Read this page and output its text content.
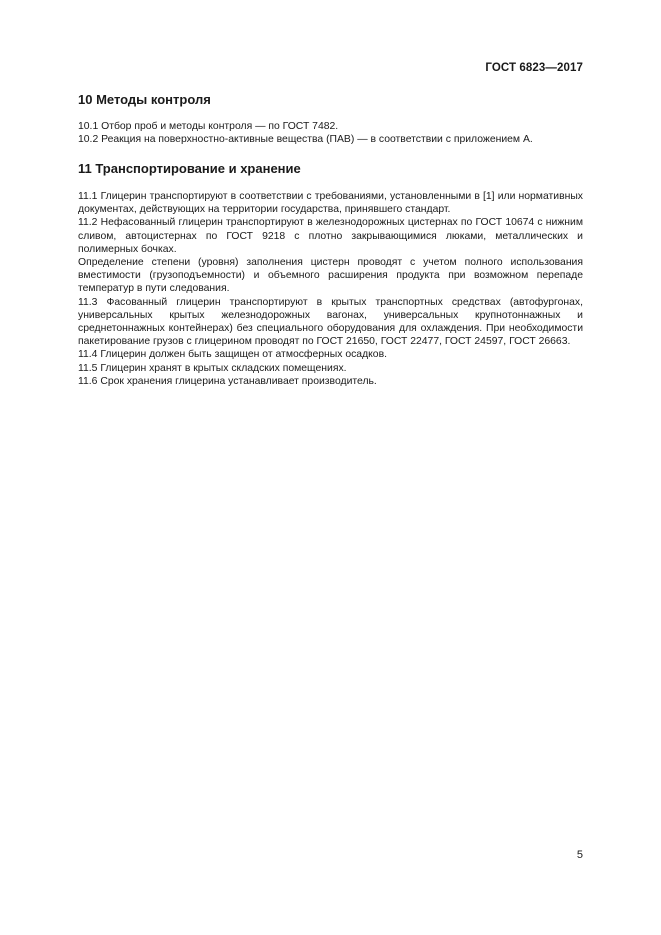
ГОСТ 6823—2017
10 Методы контроля

10.1 Отбор проб и методы контроля — по ГОСТ 7482.

10.2 Реакция на поверхностно-активные вещества (ПАВ) — в соответствии с приложением А.

11 Транспортирование и хранение

11.1 Глицерин транспортируют в соответствии с требованиями, установленными в [1] или нормативных документах, действующих на территории государства, принявшего стандарт.

11.2 Нефасованный глицерин транспортируют в железнодорожных цистернах по ГОСТ 10674 с нижним сливом, автоцистернах по ГОСТ 9218 с плотно закрывающимися люками, металлических и полимерных бочках.

Определение степени (уровня) заполнения цистерн проводят с учетом полного использования вместимости (грузоподъемности) и объемного расширения продукта при возможном перепаде температур в пути следования.

11.3 Фасованный глицерин транспортируют в крытых транспортных средствах (автофургонах, универсальных крытых железнодорожных вагонах, универсальных крупнотоннажных и среднетоннажных контейнерах) без специального оборудования для охлаждения. При необходимости пакетирование грузов с глицерином проводят по ГОСТ 21650, ГОСТ 22477, ГОСТ 24597, ГОСТ 26663.

11.4 Глицерин должен быть защищен от атмосферных осадков.

11.5 Глицерин хранят в крытых складских помещениях.

11.6 Срок хранения глицерина устанавливает производитель.

5
